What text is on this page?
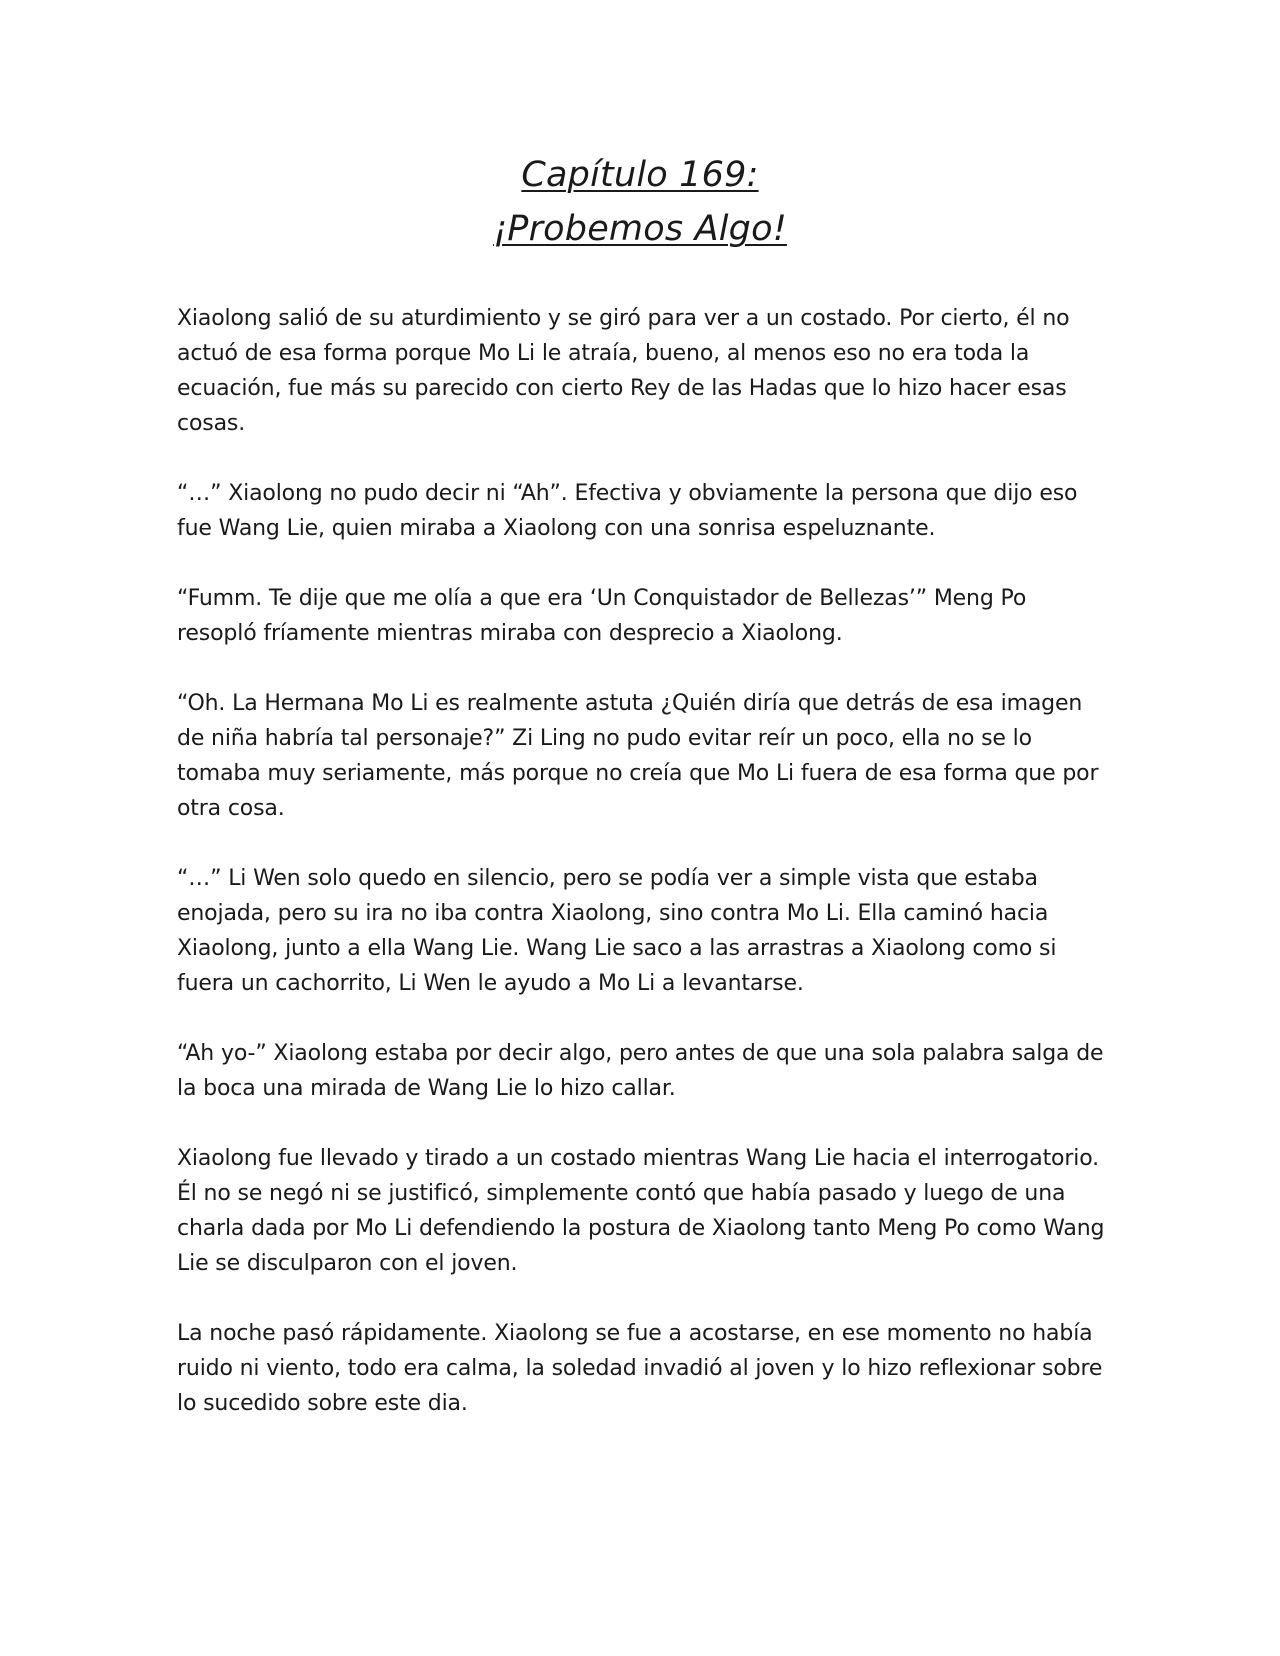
Capítulo 169:
¡Probemos Algo!

Xiaolong salió de su aturdimiento y se giró para ver a un costado. Por cierto, él no actuó de esa forma porque Mo Li le atraía, bueno, al menos eso no era toda la ecuación, fue más su parecido con cierto Rey de las Hadas que lo hizo hacer esas cosas.

“…” Xiaolong no pudo decir ni “Ah”. Efectiva y obviamente la persona que dijo eso fue Wang Lie, quien miraba a Xiaolong con una sonrisa espeluznante.

“Fumm. Te dije que me olía a que era ‘Un Conquistador de Bellezas’” Meng Po resopló fríamente mientras miraba con desprecio a Xiaolong.

“Oh. La Hermana Mo Li es realmente astuta ¿Quién diría que detrás de esa imagen de niña habría tal personaje?” Zi Ling no pudo evitar reír un poco, ella no se lo tomaba muy seriamente, más porque no creía que Mo Li fuera de esa forma que por otra cosa.

“…” Li Wen solo quedo en silencio, pero se podía ver a simple vista que estaba enojada, pero su ira no iba contra Xiaolong, sino contra Mo Li. Ella caminó hacia Xiaolong, junto a ella Wang Lie. Wang Lie saco a las arrastras a Xiaolong como si fuera un cachorrito, Li Wen le ayudo a Mo Li a levantarse.

“Ah yo-” Xiaolong estaba por decir algo, pero antes de que una sola palabra salga de la boca una mirada de Wang Lie lo hizo callar.

Xiaolong fue llevado y tirado a un costado mientras Wang Lie hacia el interrogatorio. Él no se negó ni se justificó, simplemente contó que había pasado y luego de una charla dada por Mo Li defendiendo la postura de Xiaolong tanto Meng Po como Wang Lie se disculparon con el joven.

La noche pasó rápidamente. Xiaolong se fue a acostarse, en ese momento no había ruido ni viento, todo era calma, la soledad invadió al joven y lo hizo reflexionar sobre lo sucedido sobre este dia.
